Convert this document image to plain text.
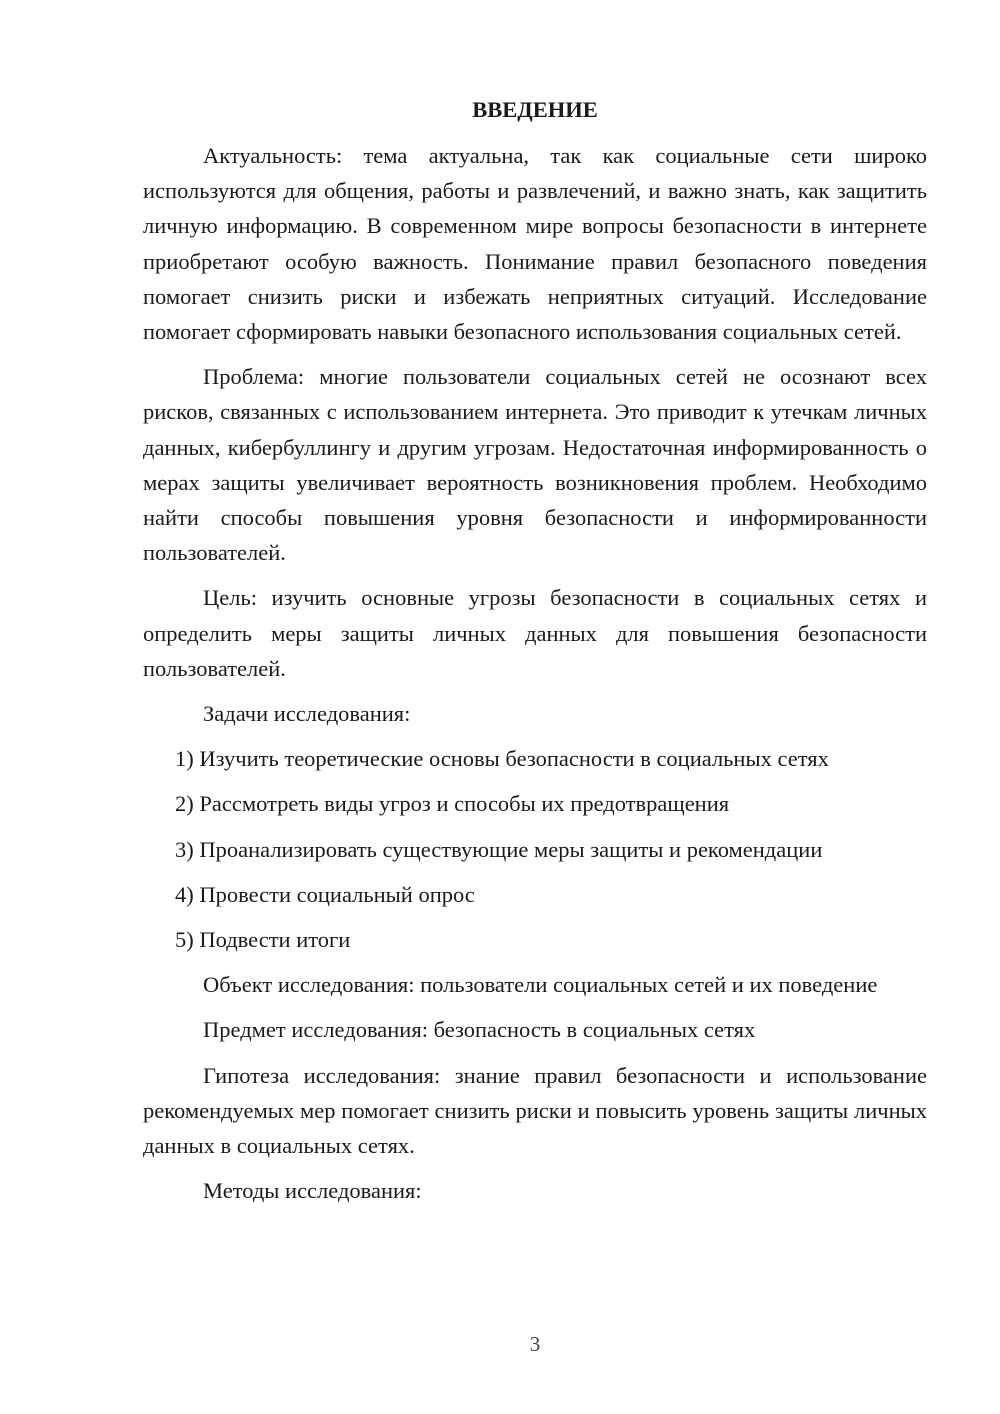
ВВЕДЕНИЕ

Актуальность: тема актуальна, так как социальные сети широко используются для общения, работы и развлечений, и важно знать, как защитить личную информацию. В современном мире вопросы безопасности в интернете приобретают особую важность. Понимание правил безопасного поведения помогает снизить риски и избежать неприятных ситуаций. Исследование помогает сформировать навыки безопасного использования социальных сетей.

Проблема: многие пользователи социальных сетей не осознают всех рисков, связанных с использованием интернета. Это приводит к утечкам личных данных, кибербуллингу и другим угрозам. Недостаточная информированность о мерах защиты увеличивает вероятность возникновения проблем. Необходимо найти способы повышения уровня безопасности и информированности пользователей.

Цель: изучить основные угрозы безопасности в социальных сетях и определить меры защиты личных данных для повышения безопасности пользователей.

Задачи исследования:

1) Изучить теоретические основы безопасности в социальных сетях
2) Рассмотреть виды угроз и способы их предотвращения
3) Проанализировать существующие меры защиты и рекомендации
4) Провести социальный опрос
5) Подвести итоги

Объект исследования: пользователи социальных сетей и их поведение

Предмет исследования: безопасность в социальных сетях

Гипотеза исследования: знание правил безопасности и использование рекомендуемых мер помогает снизить риски и повысить уровень защиты личных данных в социальных сетях.

Методы исследования:

3
